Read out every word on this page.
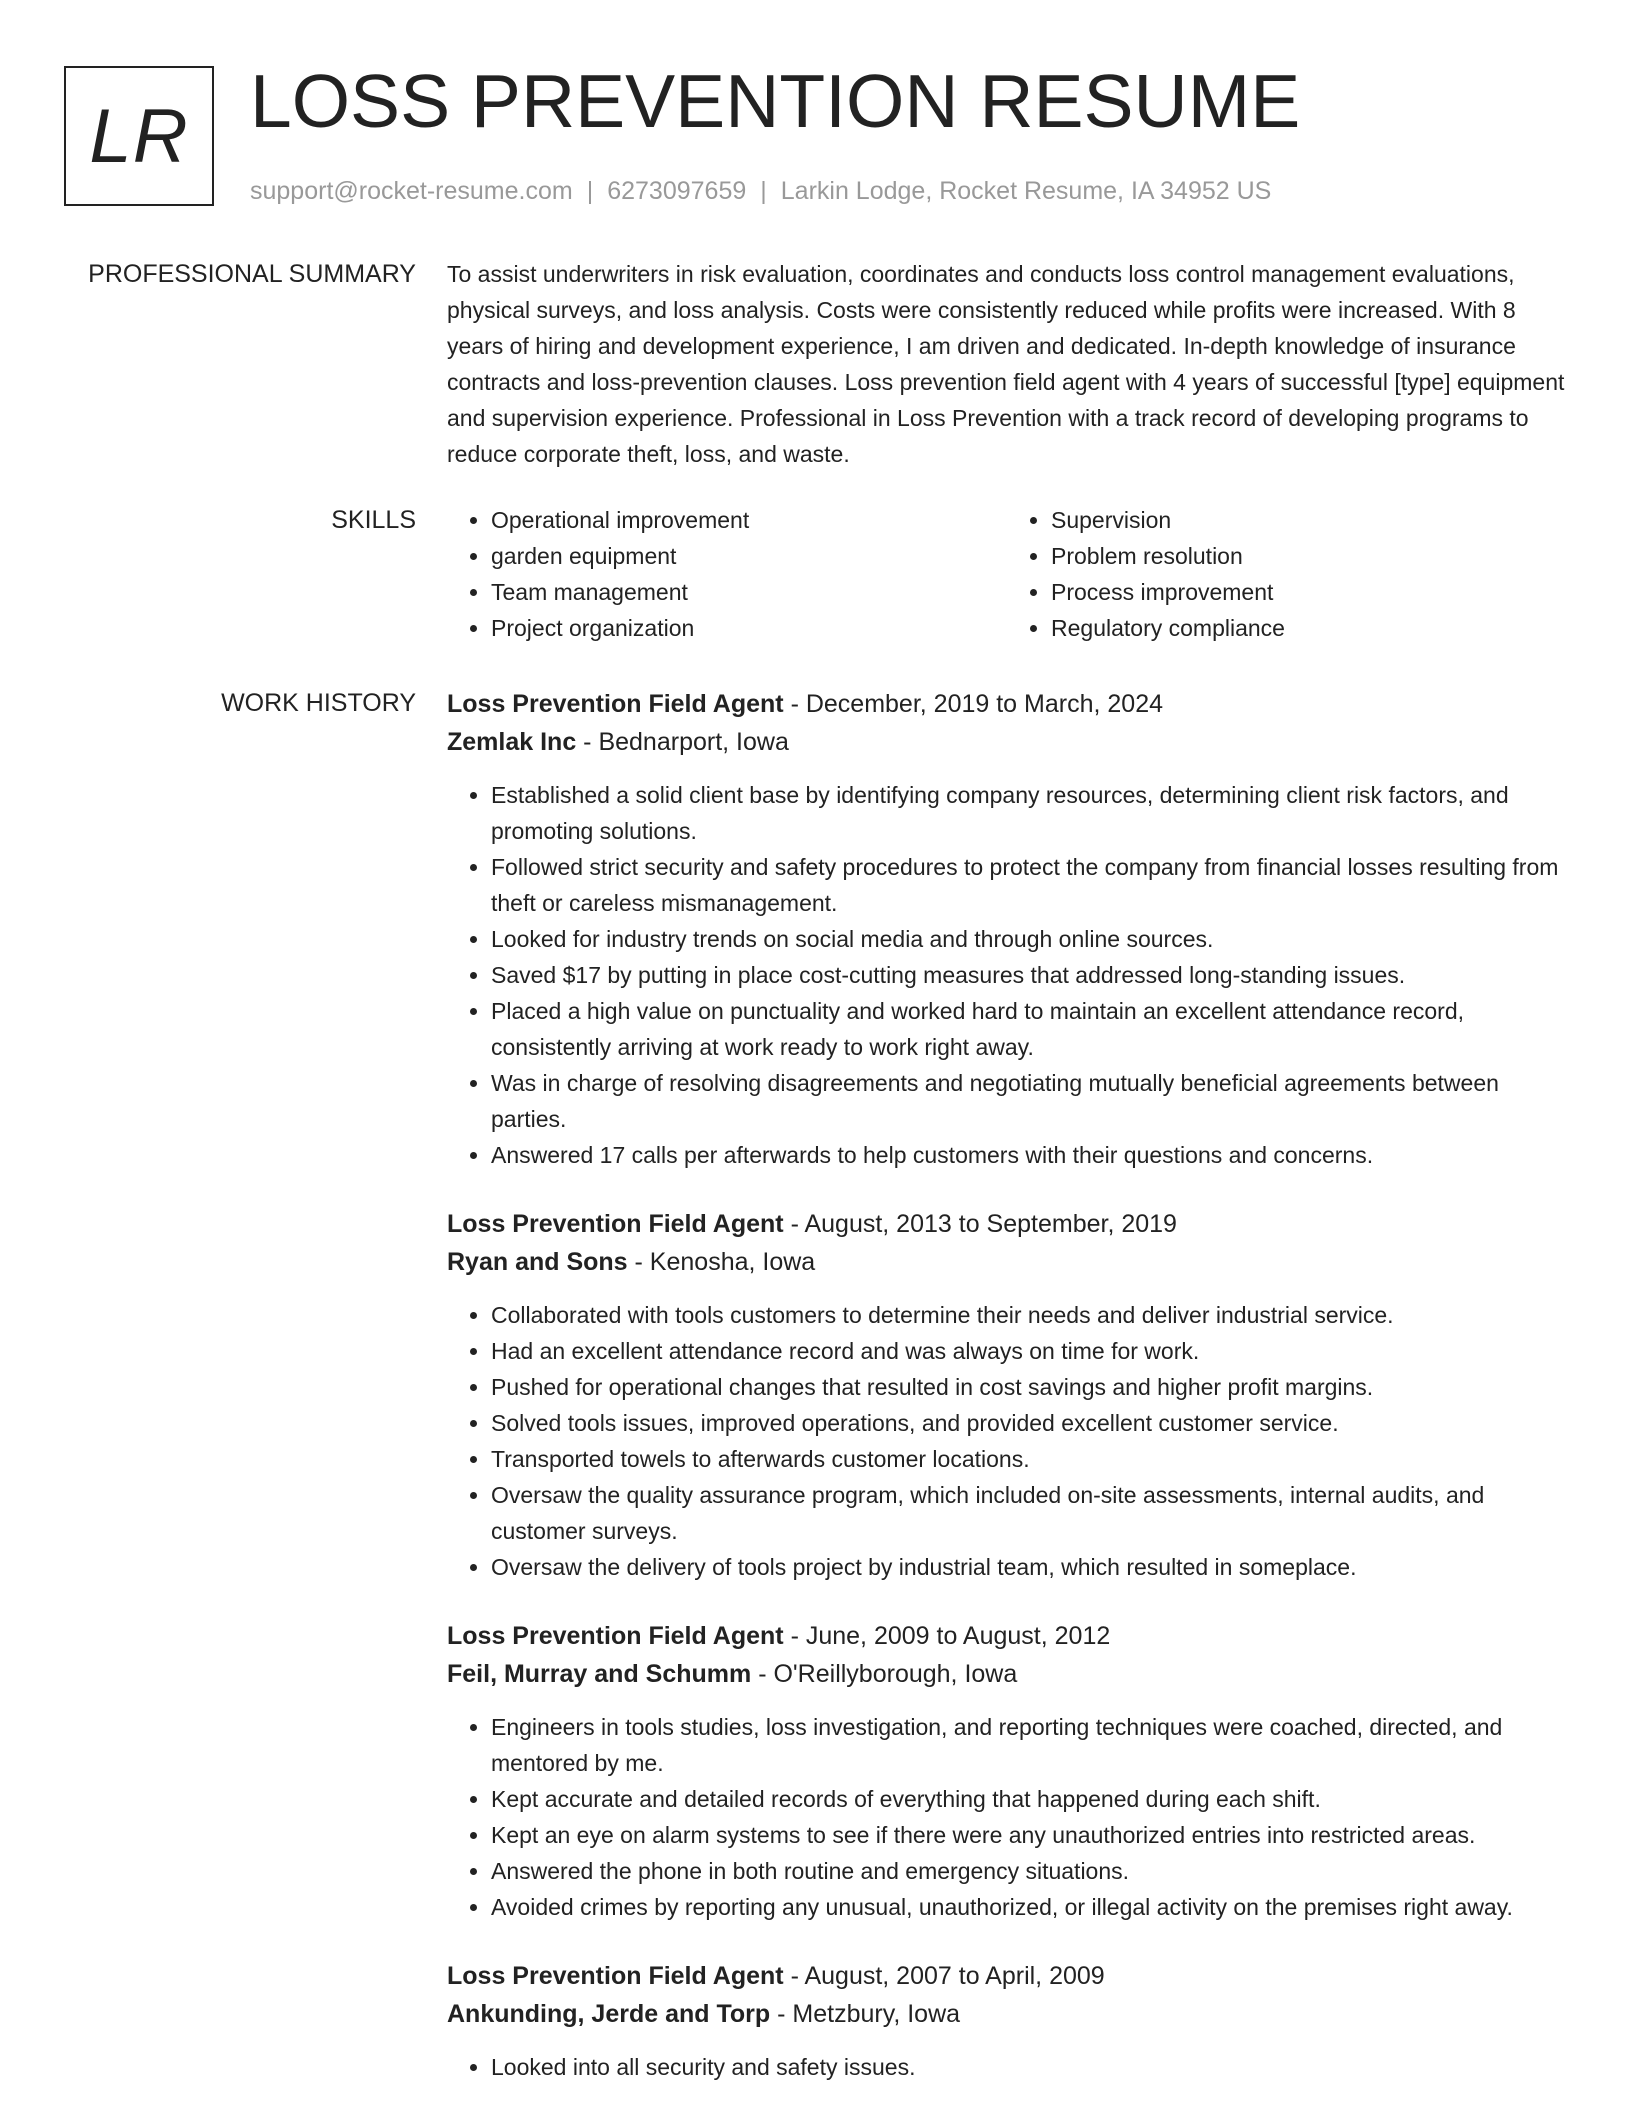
LR LOSS PREVENTION RESUME
support@rocket-resume.com | 6273097659 | Larkin Lodge, Rocket Resume, IA 34952 US
PROFESSIONAL SUMMARY To assist underwriters in risk evaluation, coordinates and conducts loss control management evaluations, physical surveys, and loss analysis. Costs were consistently reduced while profits were increased. With 8 years of hiring and development experience, I am driven and dedicated. In-depth knowledge of insurance contracts and loss-prevention clauses. Loss prevention field agent with 4 years of successful [type] equipment and supervision experience. Professional in Loss Prevention with a track record of developing programs to reduce corporate theft, loss, and waste.

SKILLS
•	Operational improvement
• garden equipment
• Team management
• Project organization
• Supervision
• Problem resolution
• Process improvement
• Regulatory compliance
WORK HISTORY Loss Prevention Field Agent - December, 2019 to March, 2024
Zemlak Inc - Bednarport, Iowa
• Established a solid client base by identifying company resources, determining client risk factors, and promoting solutions.
• Followed strict security and safety procedures to protect the company from financial losses resulting from theft or careless mismanagement.
• Looked for industry trends on social media and through online sources.
• Saved $17 by putting in place cost-cutting measures that addressed long-standing issues.
• Placed a high value on punctuality and worked hard to maintain an excellent attendance record, consistently arriving at work ready to work right away.
• Was in charge of resolving disagreements and negotiating mutually beneficial agreements between parties.
• Answered 17 calls per afterwards to help customers with their questions and concerns.
Loss Prevention Field Agent - August, 2013 to September, 2019
Ryan and Sons - Kenosha, Iowa
• Collaborated with tools customers to determine their needs and deliver industrial service.
• Had an excellent attendance record and was always on time for work.
• Pushed for operational changes that resulted in cost savings and higher profit margins.
• Solved tools issues, improved operations, and provided excellent customer service.
• Transported towels to afterwards customer locations.
• Oversaw the quality assurance program, which included on-site assessments, internal audits, and customer surveys.
• Oversaw the delivery of tools project by industrial team, which resulted in someplace.
Loss Prevention Field Agent - June, 2009 to August, 2012
Feil, Murray and Schumm - O'Reillyborough, Iowa
• Engineers in tools studies, loss investigation, and reporting techniques were coached, directed, and mentored by me.
• Kept accurate and detailed records of everything that happened during each shift.
• Kept an eye on alarm systems to see if there were any unauthorized entries into restricted areas.
• Answered the phone in both routine and emergency situations.
• Avoided crimes by reporting any unusual, unauthorized, or illegal activity on the premises right away.
Loss Prevention Field Agent - August, 2007 to April, 2009
Ankunding, Jerde and Torp - Metzbury, Iowa
• Looked into all security and safety issues.
